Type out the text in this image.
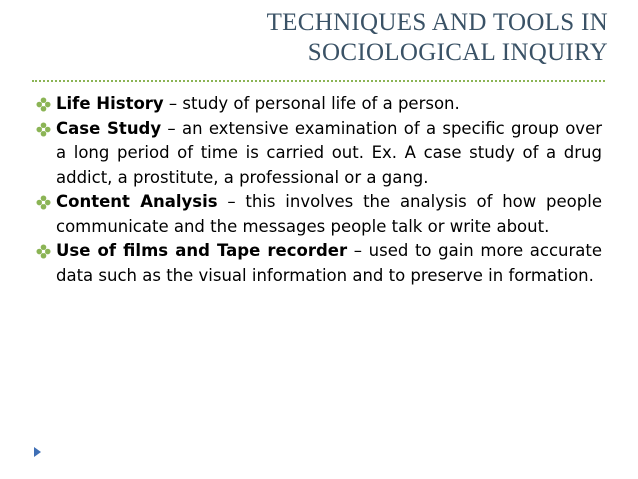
TECHNIQUES AND TOOLS IN
SOCIOLOGICAL INQUIRY
Life History – study of personal life of a person.
Case Study – an extensive examination of a specific group over a long period of time is carried out. Ex. A case study of a drug addict, a prostitute, a professional or a gang.
Content Analysis – this involves the analysis of how people communicate and the messages people talk or write about.
Use of films and Tape recorder – used to gain more accurate data such as the visual information and to preserve in formation.
